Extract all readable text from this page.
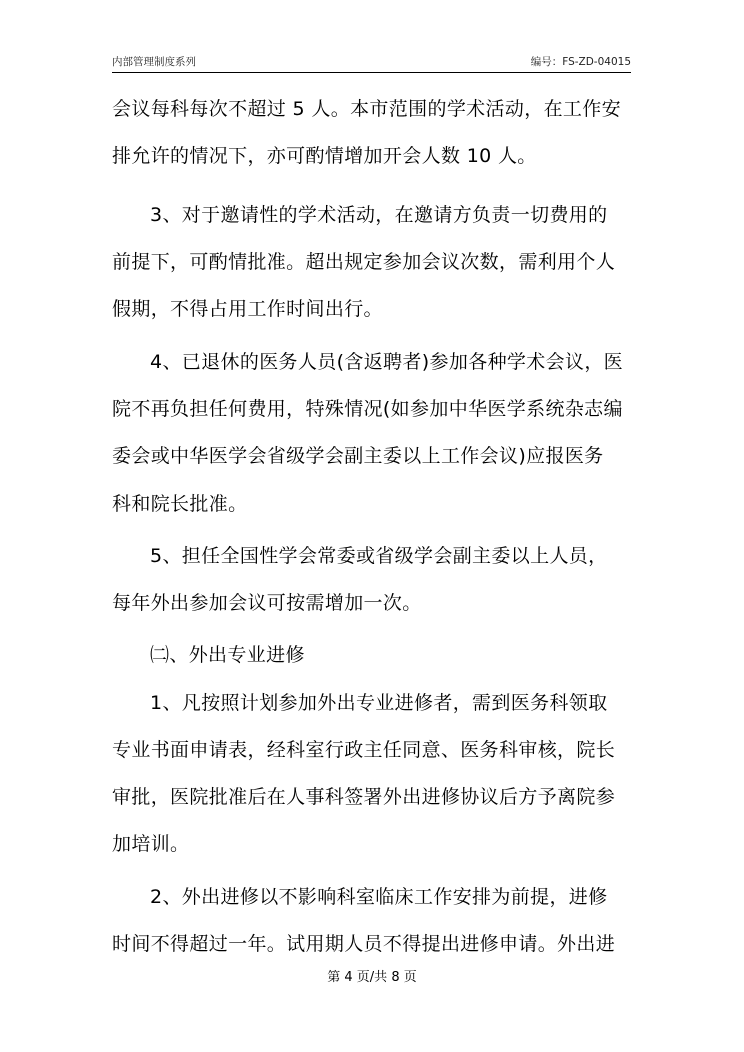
内部管理制度系列	编号：FS-ZD-04015
会议每科每次不超过 5 人。本市范围的学术活动，在工作安
排允许的情况下，亦可酌情增加开会人数 10 人。
3、对于邀请性的学术活动，在邀请方负责一切费用的
前提下，可酌情批准。超出规定参加会议次数，需利用个人
假期，不得占用工作时间出行。
4、已退休的医务人员(含返聘者)参加各种学术会议，医
院不再负担任何费用，特殊情况(如参加中华医学系统杂志编
委会或中华医学会省级学会副主委以上工作会议)应报医务
科和院长批准。
5、担任全国性学会常委或省级学会副主委以上人员，
每年外出参加会议可按需增加一次。
㈡、外出专业进修
1、凡按照计划参加外出专业进修者，需到医务科领取
专业书面申请表，经科室行政主任同意、医务科审核，院长
审批，医院批准后在人事科签署外出进修协议后方予离院参
加培训。
2、外出进修以不影响科室临床工作安排为前提，进修
时间不得超过一年。试用期人员不得提出进修申请。外出进
第 4 页/共 8 页
